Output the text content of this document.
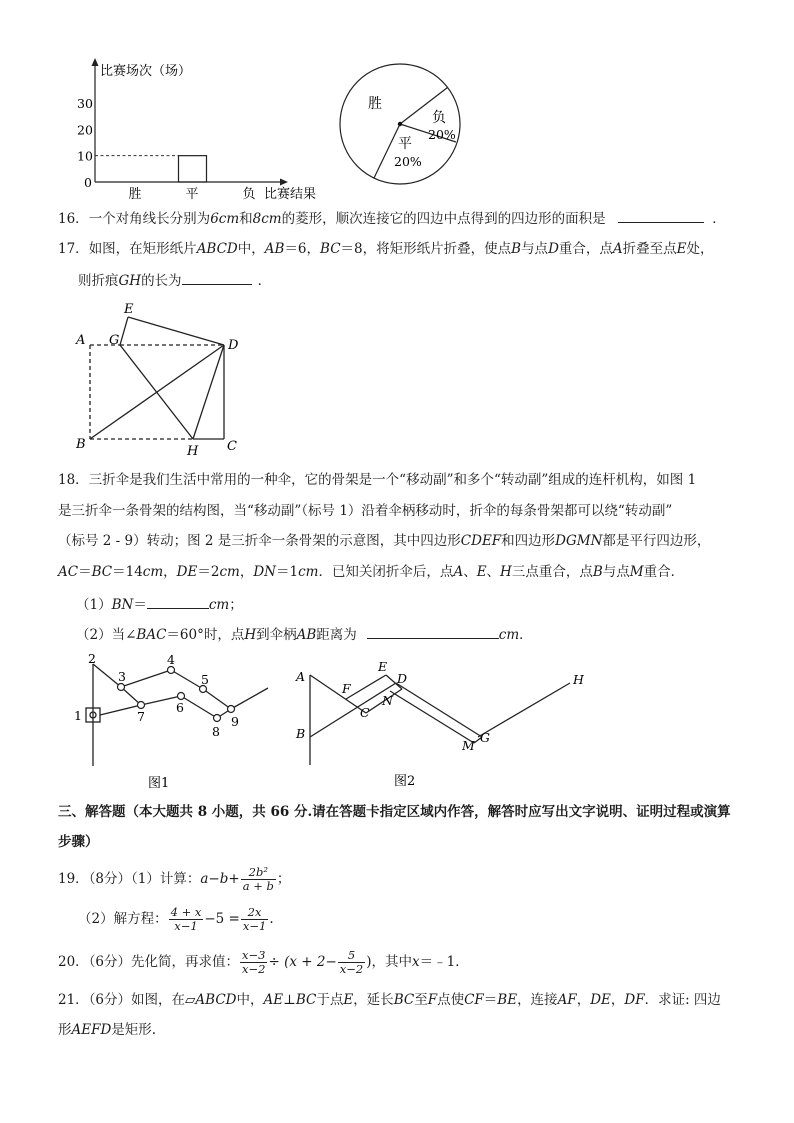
比赛场次（场）
30
20
10
0
胜	平	负 比赛结果
胜
负
20%
平
20%
16．一个对角线长分别为6cm和8cm的菱形，顺次连接它的四边中点得到的四边形的面积是	．
17．如图，在矩形纸片ABCD中，AB＝6，BC＝8，将矩形纸片折叠，使点B与点D重合，点A折叠至点E处，
则折痕GH的长为	．
E
A G	D
B	H C
18．三折伞是我们生活中常用的一种伞，它的骨架是一个“移动副”和多个“转动副”组成的连杆机构，如图 1
是三折伞一条骨架的结构图，当“移动副”（标号 1）沿着伞柄移动时，折伞的每条骨架都可以绕“转动副”
（标号 2 - 9）转动；图 2 是三折伞一条骨架的示意图，其中四边形CDEF和四边形DGMN都是平行四边形，
AC＝BC＝14cm，DE＝2cm，DN＝1cm．已知关闭折伞后，点A、E、H三点重合，点B与点M重合．
（1）BN＝	cm；
（2）当∠BAC＝60°时，点H到伞柄AB距离为	cm．
1
2
3
4
5
6
7
8
9
图1
A
B
F
C
E
D
N
M
G
H
图2
三、解答题（本大题共 8 小题，共 66 分.请在答题卡指定区域内作答，解答时应写出文字说明、证明过程或演算
步骤）
19．（8分）（1）计算：$a-b+ \frac{\text{2b²}}{a + b}$ ；
（2）解方程： $\frac{4 + x}{x-1} -5 = \frac{2x}{x-1}$ .
20．（6分）先化简，再求值： $\frac{x-3}{x-2} \div (x + 2- \frac{5}{x-2}$ )，其中x＝﹣1．
21．（6分）如图，在▱ABCD中，AE⊥BC于点E，延长BC至F点使CF＝BE，连接AF，DE，DF．求证: 四边
形AEFD是矩形.
